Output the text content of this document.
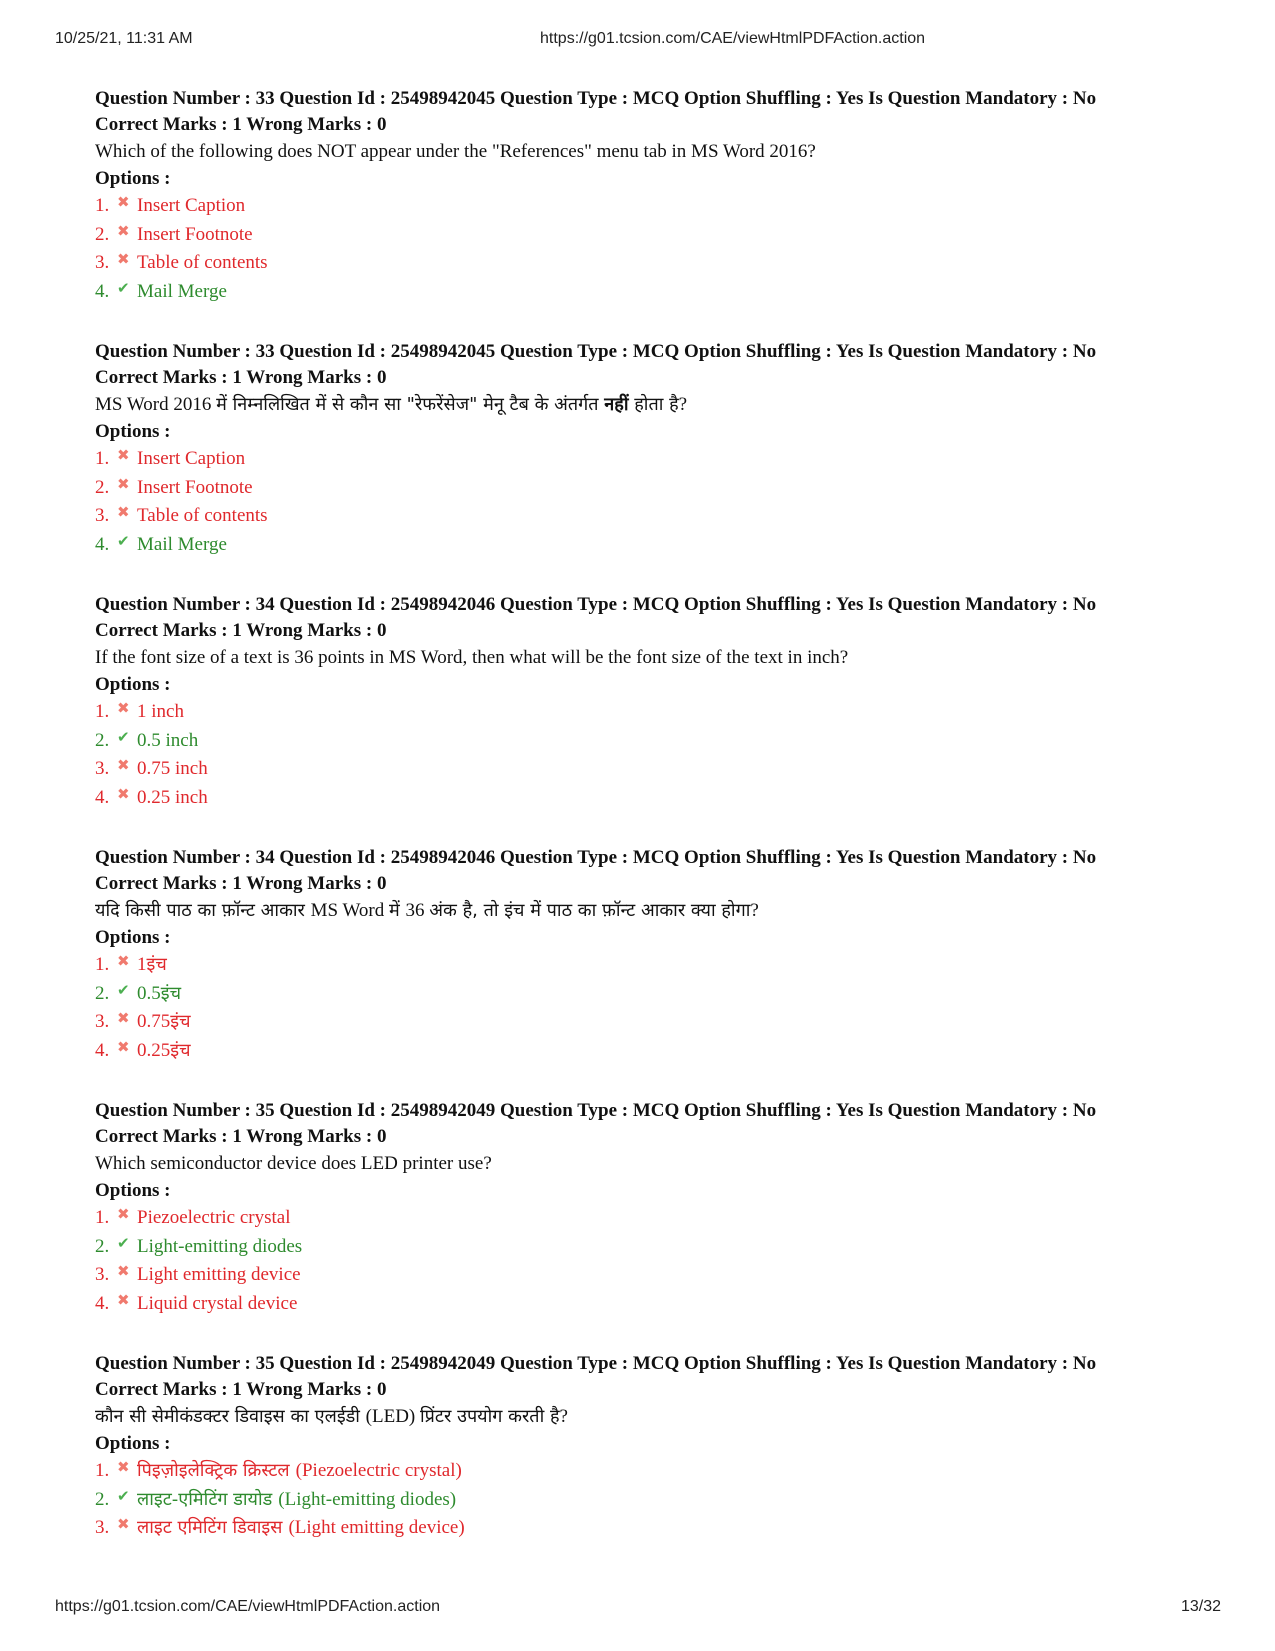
10/25/21, 11:31 AM	https://g01.tcsion.com/CAE/viewHtmlPDFAction.action
Question Number : 33 Question Id : 25498942045 Question Type : MCQ Option Shuffling : Yes Is Question Mandatory : No
Correct Marks : 1 Wrong Marks : 0
Which of the following does NOT appear under the "References" menu tab in MS Word 2016?
Options :
1. ✖ Insert Caption
2. ✖ Insert Footnote
3. ✖ Table of contents
4. ✔ Mail Merge
Question Number : 33 Question Id : 25498942045 Question Type : MCQ Option Shuffling : Yes Is Question Mandatory : No
Correct Marks : 1 Wrong Marks : 0
MS Word 2016 में निम्नलिखित में से कौन सा "रेफरेंसेज" मेनू टैब के अंतर्गत नहीं होता है?
Options :
1. ✖ Insert Caption
2. ✖ Insert Footnote
3. ✖ Table of contents
4. ✔ Mail Merge
Question Number : 34 Question Id : 25498942046 Question Type : MCQ Option Shuffling : Yes Is Question Mandatory : No
Correct Marks : 1 Wrong Marks : 0
If the font size of a text is 36 points in MS Word, then what will be the font size of the text in inch?
Options :
1. ✖ 1 inch
2. ✔ 0.5 inch
3. ✖ 0.75 inch
4. ✖ 0.25 inch
Question Number : 34 Question Id : 25498942046 Question Type : MCQ Option Shuffling : Yes Is Question Mandatory : No
Correct Marks : 1 Wrong Marks : 0
यदि किसी पाठ का फ़ॉन्ट आकार MS Word में 36 अंक है, तो इंच में पाठ का फ़ॉन्ट आकार क्या होगा?
Options :
1. ✖ 1 इंच
2. ✔ 0.5 इंच
3. ✖ 0.75 इंच
4. ✖ 0.25 इंच
Question Number : 35 Question Id : 25498942049 Question Type : MCQ Option Shuffling : Yes Is Question Mandatory : No
Correct Marks : 1 Wrong Marks : 0
Which semiconductor device does LED printer use?
Options :
1. ✖ Piezoelectric crystal
2. ✔ Light-emitting diodes
3. ✖ Light emitting device
4. ✖ Liquid crystal device
Question Number : 35 Question Id : 25498942049 Question Type : MCQ Option Shuffling : Yes Is Question Mandatory : No
Correct Marks : 1 Wrong Marks : 0
कौन सी सेमीकंडक्टर डिवाइस का एलईडी (LED) प्रिंटर उपयोग करती है?
Options :
1. ✖ पिइज़ोइलेक्ट्रिक क्रिस्टल (Piezoelectric crystal)
2. ✔ लाइट-एमिटिंग डायोड (Light-emitting diodes)
3. ✖ लाइट एमिटिंग डिवाइस (Light emitting device)
https://g01.tcsion.com/CAE/viewHtmlPDFAction.action	13/32
